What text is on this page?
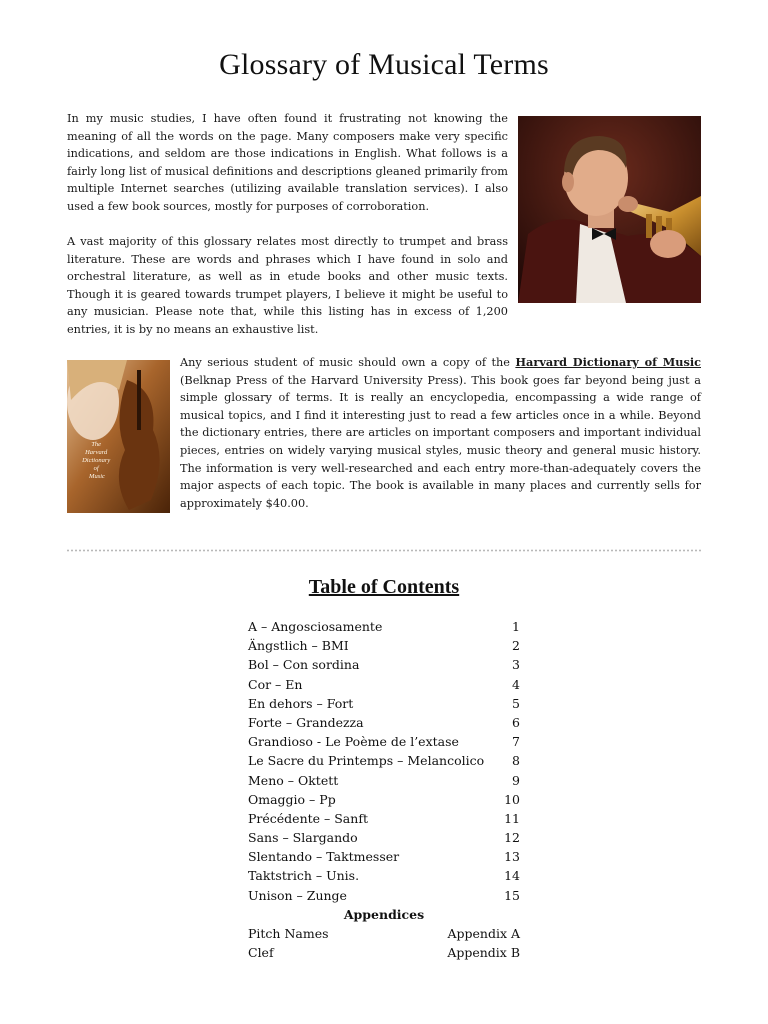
Glossary of Musical Terms

In my music studies, I have often found it frustrating not knowing the meaning of all the words on the page. Many composers make very specific indications, and seldom are those indications in English. What follows is a fairly long list of musical definitions and descriptions gleaned primarily from multiple Internet searches (utilizing available translation services). I also used a few book sources, mostly for purposes of corroboration.

A vast majority of this glossary relates most directly to trumpet and brass literature. These are words and phrases which I have found in solo and orchestral literature, as well as in etude books and other music texts. Though it is geared towards trumpet players, I believe it might be useful to any musician. Please note that, while this listing has in excess of 1,200 entries, it is by no means an exhaustive list.

The Harvard Dictionary of Music

Any serious student of music should own a copy of the Harvard Dictionary of Music (Belknap Press of the Harvard University Press). This book goes far beyond being just a simple glossary of terms. It is really an encyclopedia, encompassing a wide range of musical topics, and I find it interesting just to read a few articles once in a while. Beyond the dictionary entries, there are articles on important composers and important individual pieces, entries on widely varying musical styles, music theory and general music history. The information is very well-researched and each entry more-than-adequately covers the major aspects of each topic. The book is available in many places and currently sells for approximately $40.00.

Table of Contents
A – Angosciosamente	1
Ängstlich – BMI	2
Bol – Con sordina	3
Cor – En	4
En dehors – Fort	5
Forte – Grandezza	6
Grandioso - Le Poème de l’extase	7
Le Sacre du Printemps – Melancolico 8
Meno – Oktett	9
Omaggio – Pp	10
Précédente – Sanft	11
Sans – Slargando	12
Slentando – Taktmesser	13
Taktstrich – Unis.	14
Unison – Zunge	15
Appendices
Pitch Names	Appendix A
Clef	Appendix B
